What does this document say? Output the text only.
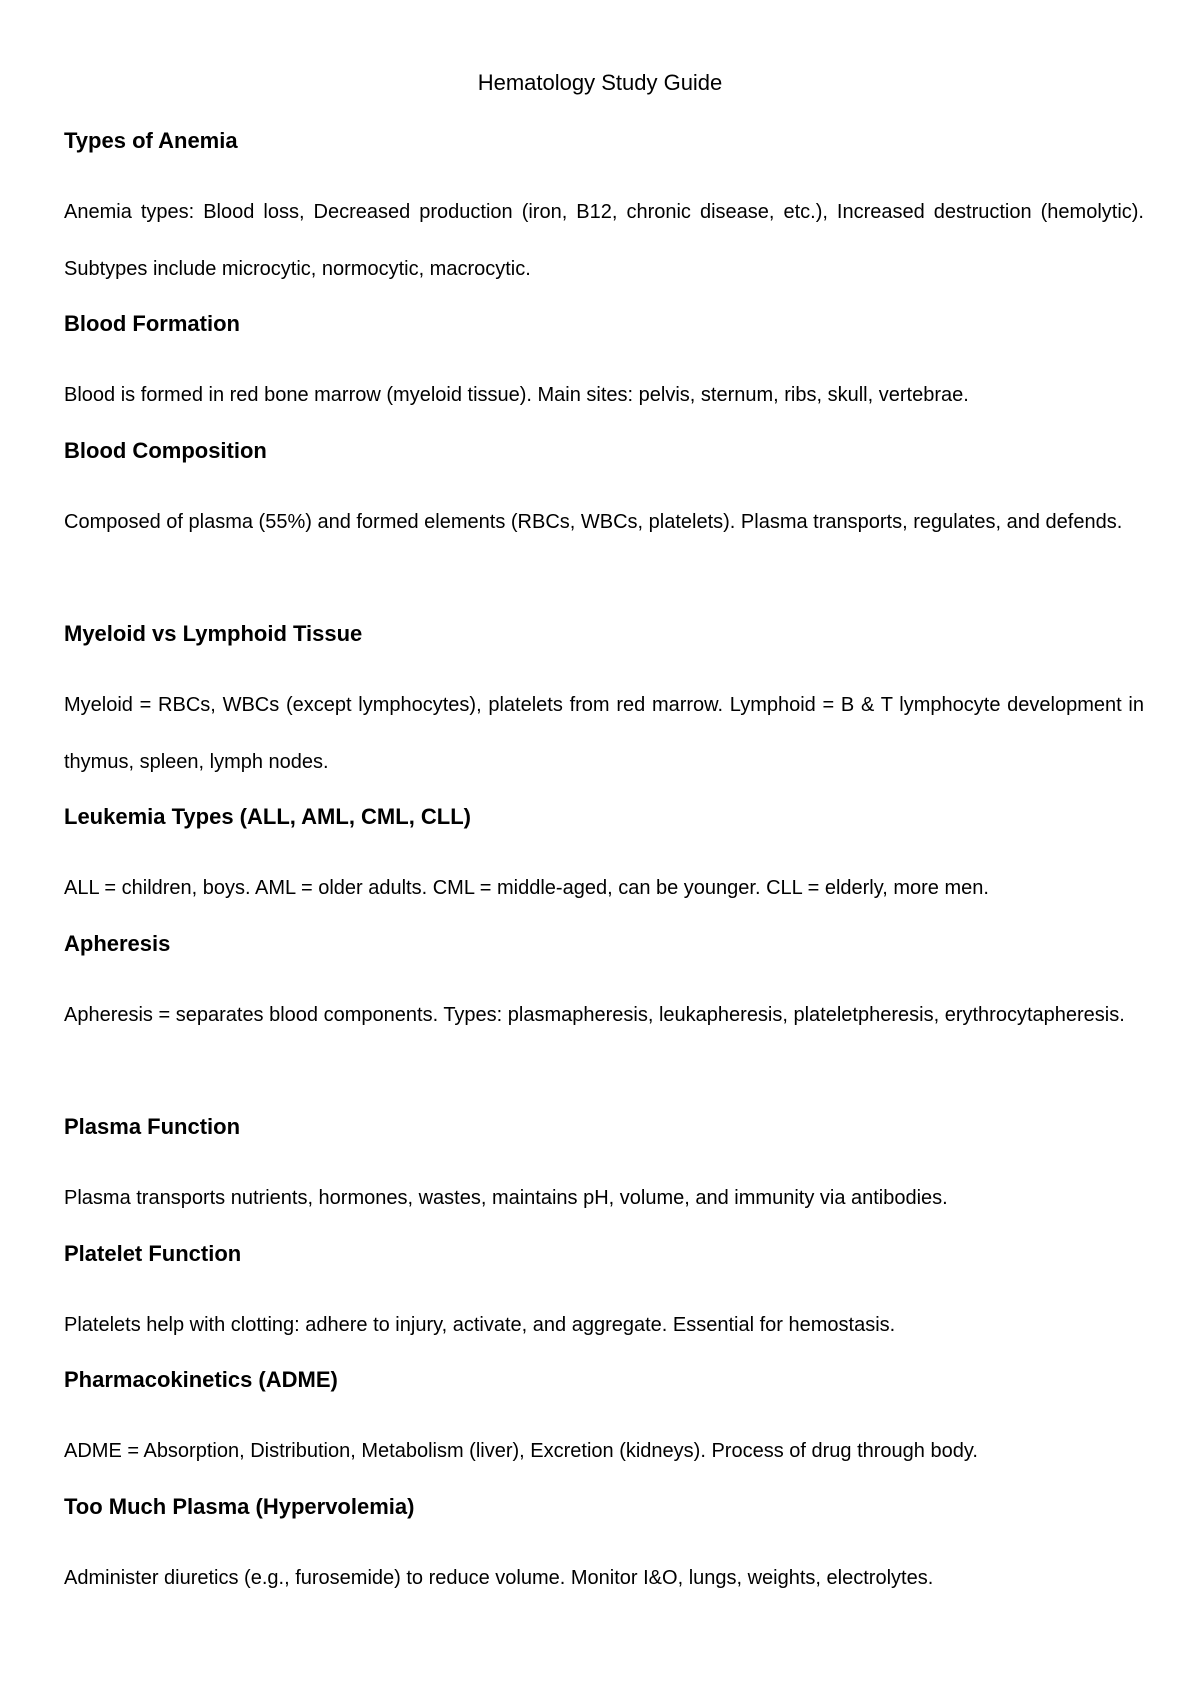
Hematology Study Guide
Types of Anemia

Anemia types: Blood loss, Decreased production (iron, B12, chronic disease, etc.), Increased destruction (hemolytic). Subtypes include microcytic, normocytic, macrocytic.

Blood Formation

Blood is formed in red bone marrow (myeloid tissue). Main sites: pelvis, sternum, ribs, skull, vertebrae.

Blood Composition

Composed of plasma (55%) and formed elements (RBCs, WBCs, platelets). Plasma transports, regulates, and defends.

Myeloid vs Lymphoid Tissue

Myeloid = RBCs, WBCs (except lymphocytes), platelets from red marrow. Lymphoid = B & T lymphocyte development in thymus, spleen, lymph nodes.

Leukemia Types (ALL, AML, CML, CLL)

ALL = children, boys. AML = older adults. CML = middle-aged, can be younger. CLL = elderly, more men.

Apheresis

Apheresis = separates blood components. Types: plasmapheresis, leukapheresis, plateletpheresis, erythrocytapheresis.

Plasma Function

Plasma transports nutrients, hormones, wastes, maintains pH, volume, and immunity via antibodies.

Platelet Function

Platelets help with clotting: adhere to injury, activate, and aggregate. Essential for hemostasis.

Pharmacokinetics (ADME)

ADME = Absorption, Distribution, Metabolism (liver), Excretion (kidneys). Process of drug through body.

Too Much Plasma (Hypervolemia)

Administer diuretics (e.g., furosemide) to reduce volume. Monitor I&O, lungs, weights, electrolytes.
